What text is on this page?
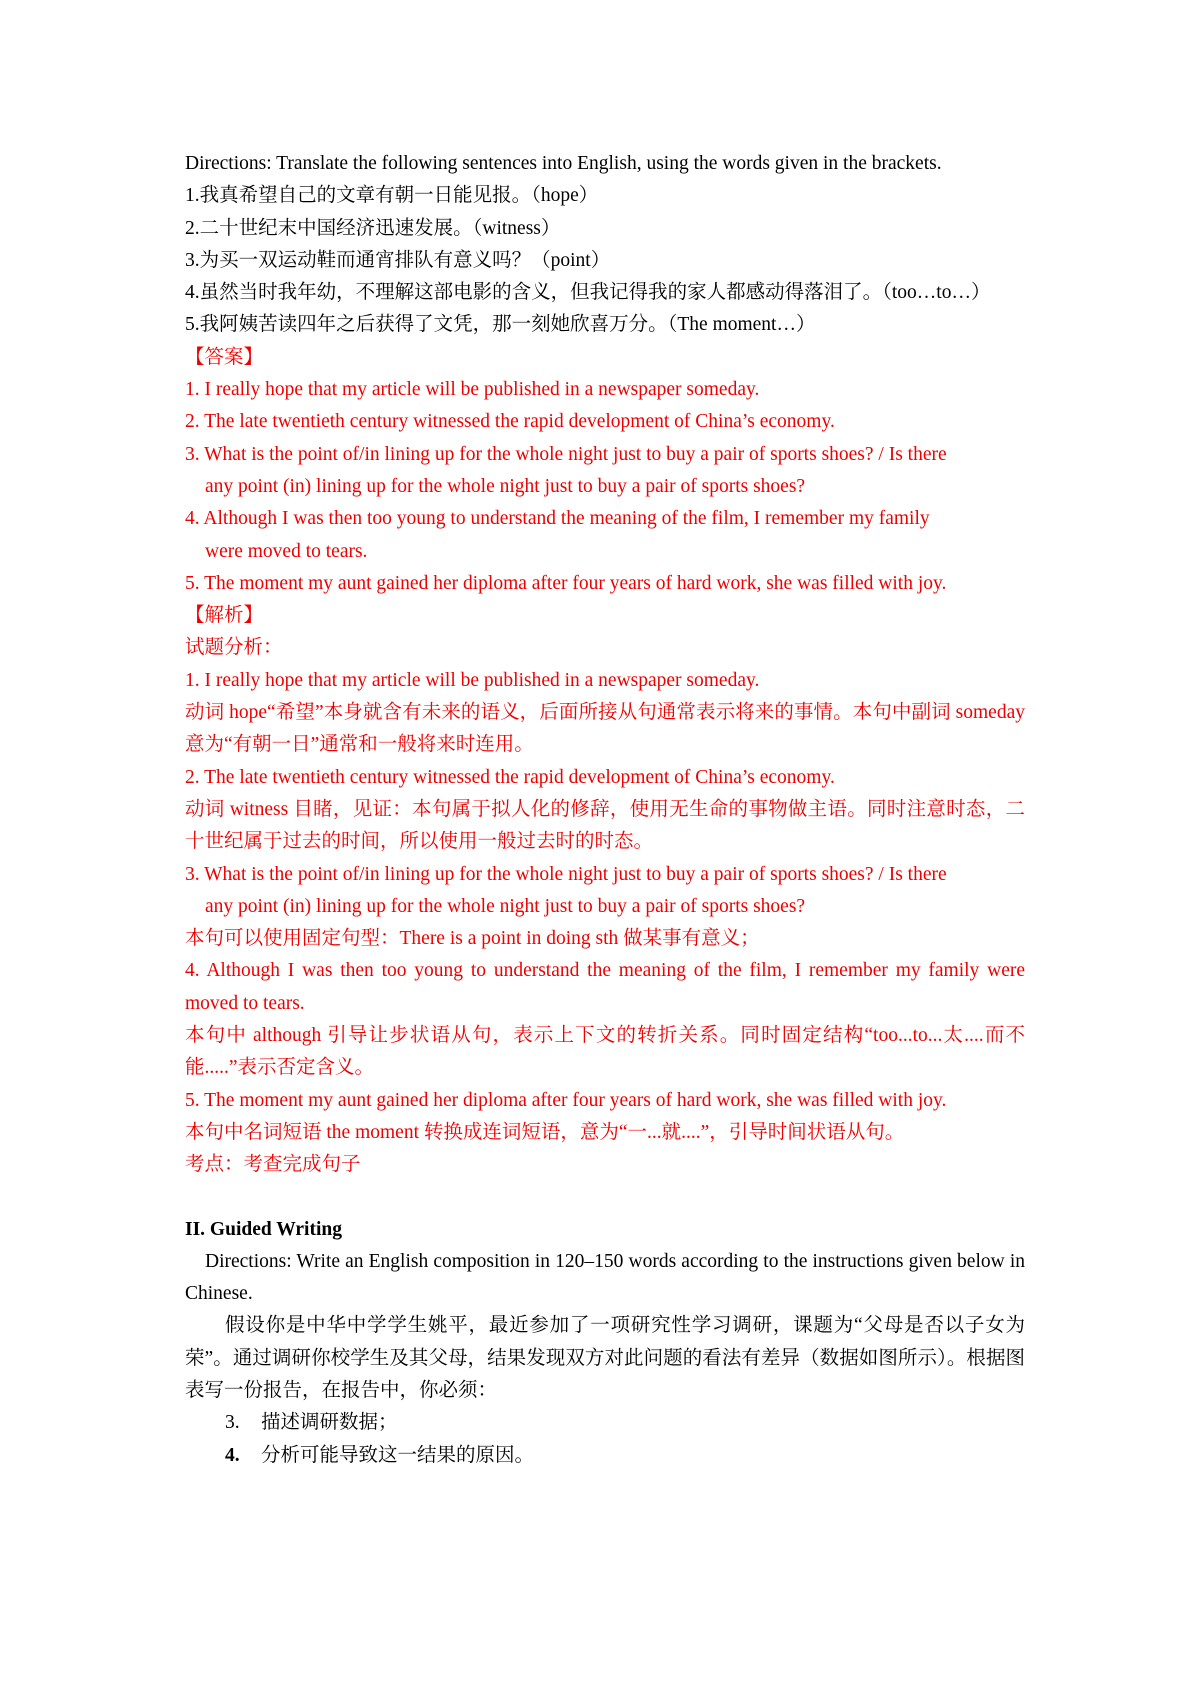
Directions: Translate the following sentences into English, using the words given in the brackets.
1.我真希望自己的文章有朝一日能见报。（hope）
2.二十世纪末中国经济迅速发展。（witness）
3.为买一双运动鞋而通宵排队有意义吗？（point）
4.虽然当时我年幼，不理解这部电影的含义，但我记得我的家人都感动得落泪了。（too…to…）
5.我阿姨苦读四年之后获得了文凭，那一刻她欣喜万分。（The moment…）
【答案】
1. I really hope that my article will be published in a newspaper someday.
2. The late twentieth century witnessed the rapid development of China’s economy.
3. What is the point of/in lining up for the whole night just to buy a pair of sports shoes? / Is there
any point (in) lining up for the whole night just to buy a pair of sports shoes?
4. Although I was then too young to understand the meaning of the film, I remember my family
were moved to tears.
5. The moment my aunt gained her diploma after four years of hard work, she was filled with joy.
【解析】
试题分析：
1. I really hope that my article will be published in a newspaper someday.
动词 hope“希望”本身就含有未来的语义，后面所接从句通常表示将来的事情。本句中副词 someday 意为“有朝一日”通常和一般将来时连用。
2. The late twentieth century witnessed the rapid development of China’s economy.
动词 witness 目睹，见证：本句属于拟人化的修辞，使用无生命的事物做主语。同时注意时态，二十世纪属于过去的时间，所以使用一般过去时的时态。
3. What is the point of/in lining up for the whole night just to buy a pair of sports shoes? / Is there
any point (in) lining up for the whole night just to buy a pair of sports shoes?
本句可以使用固定句型：There is a point in doing sth 做某事有意义；
4. Although I was then too young to understand the meaning of the film, I remember my family were moved to tears.
本句中 although 引导让步状语从句，表示上下文的转折关系。同时固定结构“too...to...太....而不能.....”表示否定含义。
5. The moment my aunt gained her diploma after four years of hard work, she was filled with joy.
本句中名词短语 the moment 转换成连词短语，意为“一...就....”，引导时间状语从句。
考点：考查完成句子
II. Guided Writing
Directions: Write an English composition in 120–150 words according to the instructions given below in Chinese.
假设你是中华中学学生姚平，最近参加了一项研究性学习调研，课题为“父母是否以子女为荣”。通过调研你校学生及其父母，结果发现双方对此问题的看法有差异（数据如图所示）。根据图表写一份报告，在报告中，你必须：
3. 描述调研数据；
4. 分析可能导致这一结果的原因。
